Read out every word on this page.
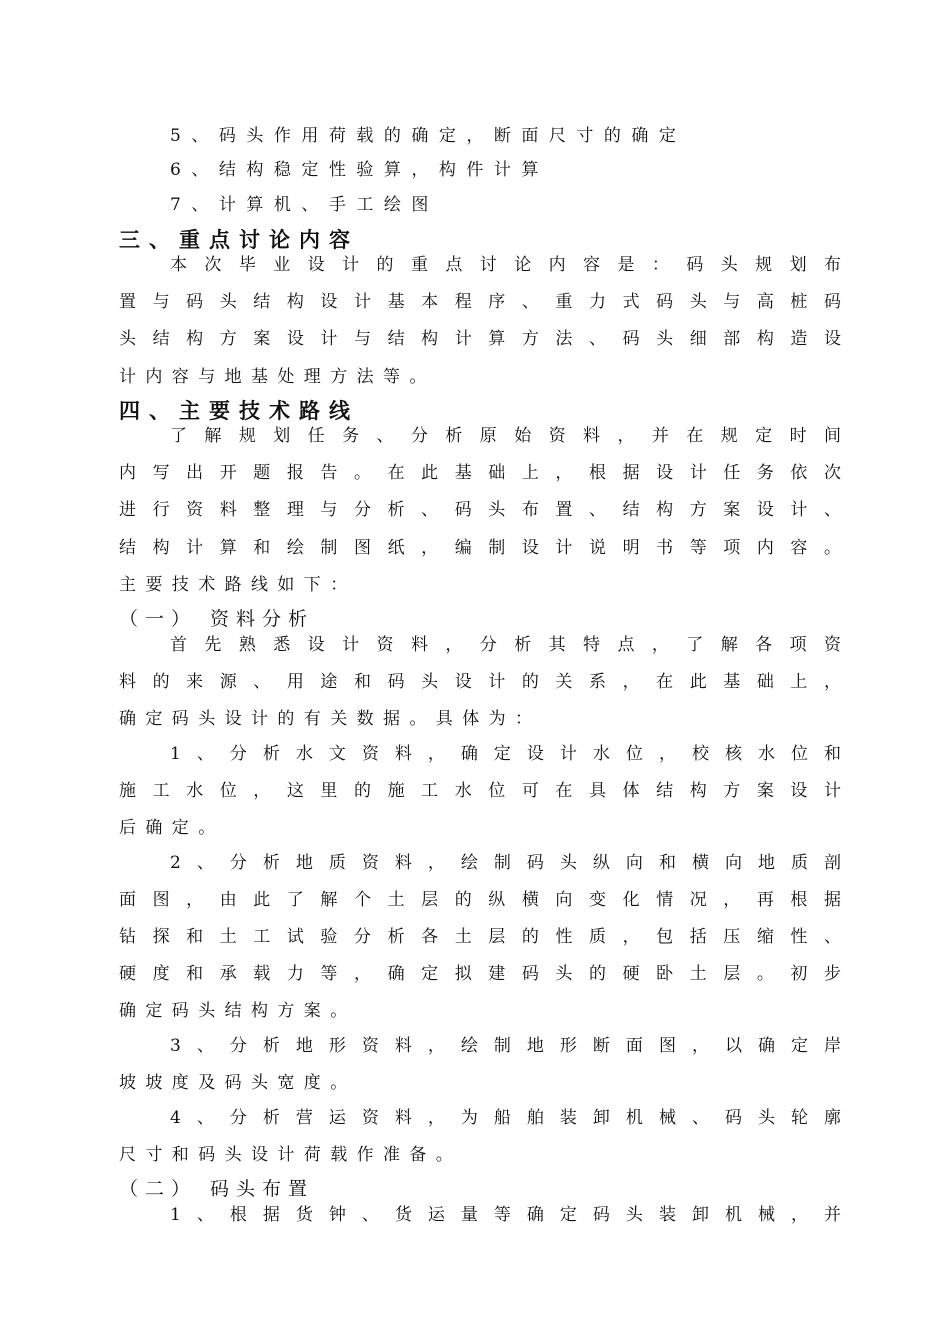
5、码头作用荷载的确定，断面尺寸的确定
6、结构稳定性验算，构件计算
7、计算机、手工绘图
三、重点讨论内容
本次毕业设计的重点讨论内容是：码头规划布
置与码头结构设计基本程序、重力式码头与高桩码
头结构方案设计与结构计算方法、码头细部构造设
计内容与地基处理方法等。
四、主要技术路线
了解规划任务、分析原始资料，并在规定时间
内写出开题报告。在此基础上，根据设计任务依次
进行资料整理与分析、码头布置、结构方案设计、
结构计算和绘制图纸，编制设计说明书等项内容。
主要技术路线如下：
（一） 资料分析
首先熟悉设计资料，分析其特点，了解各项资
料的来源、用途和码头设计的关系，在此基础上，
确定码头设计的有关数据。具体为：
1、分析水文资料，确定设计水位，校核水位和
施工水位，这里的施工水位可在具体结构方案设计
后确定。
2、分析地质资料，绘制码头纵向和横向地质剖
面图，由此了解个土层的纵横向变化情况，再根据
钻探和土工试验分析各土层的性质，包括压缩性、
硬度和承载力等，确定拟建码头的硬卧土层。初步
确定码头结构方案。
3、分析地形资料，绘制地形断面图，以确定岸
坡坡度及码头宽度。
4、分析营运资料，为船舶装卸机械、码头轮廓
尺寸和码头设计荷载作准备。
（二） 码头布置
1、根据货钟、货运量等确定码头装卸机械，并
